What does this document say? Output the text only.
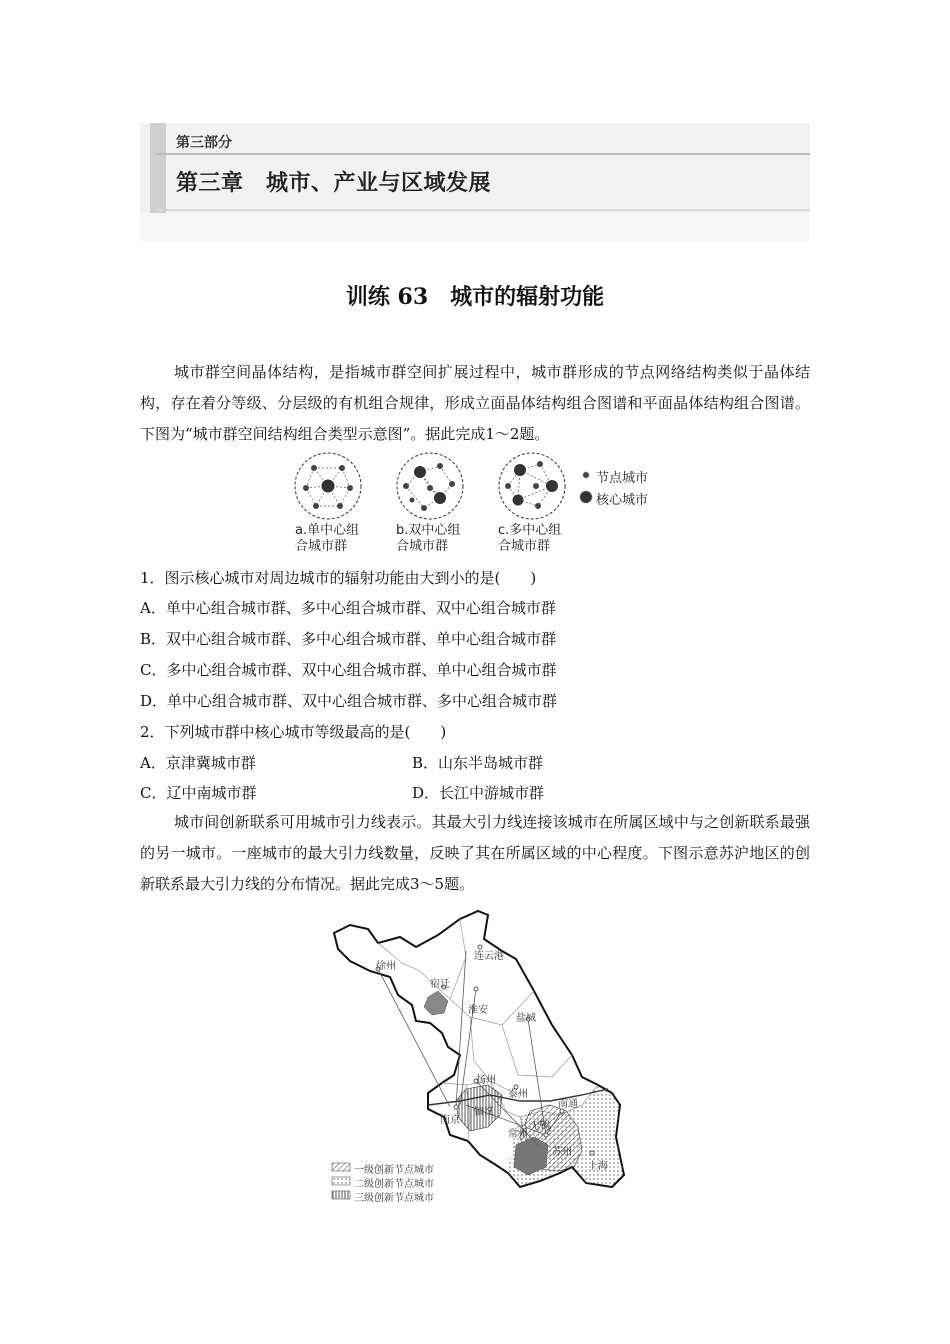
第三部分
第三章　城市、产业与区域发展
训练 63　城市的辐射功能
城市群空间晶体结构，是指城市群空间扩展过程中，城市群形成的节点网络结构类似于晶体结构，存在着分等级、分层级的有机组合规律，形成立面晶体结构组合图谱和平面晶体结构组合图谱。下图为“城市群空间结构组合类型示意图”。据此完成1～2题。
a.单中心组
合城市群
b.双中心组
合城市群
c.多中心组
合城市群
节点城市
核心城市
1．图示核心城市对周边城市的辐射功能由大到小的是(　　)
A．单中心组合城市群、多中心组合城市群、双中心组合城市群
B．双中心组合城市群、多中心组合城市群、单中心组合城市群
C．多中心组合城市群、双中心组合城市群、单中心组合城市群
D．单中心组合城市群、双中心组合城市群、多中心组合城市群
2．下列城市群中核心城市等级最高的是(　　)
A．京津冀城市群	B．山东半岛城市群
C．辽中南城市群	D．长江中游城市群
城市间创新联系可用城市引力线表示。其最大引力线连接该城市在所属区域中与之创新联系最强的另一城市。一座城市的最大引力线数量，反映了其在所属区域的中心程度。下图示意苏沪地区的创新联系最大引力线的分布情况。据此完成3～5题。
徐州
连云港
宿迁
淮安
盐城
扬州
泰州
南京
镇江
常州
无锡
南通
苏州
上海
一级创新节点城市
二级创新节点城市
三级创新节点城市
